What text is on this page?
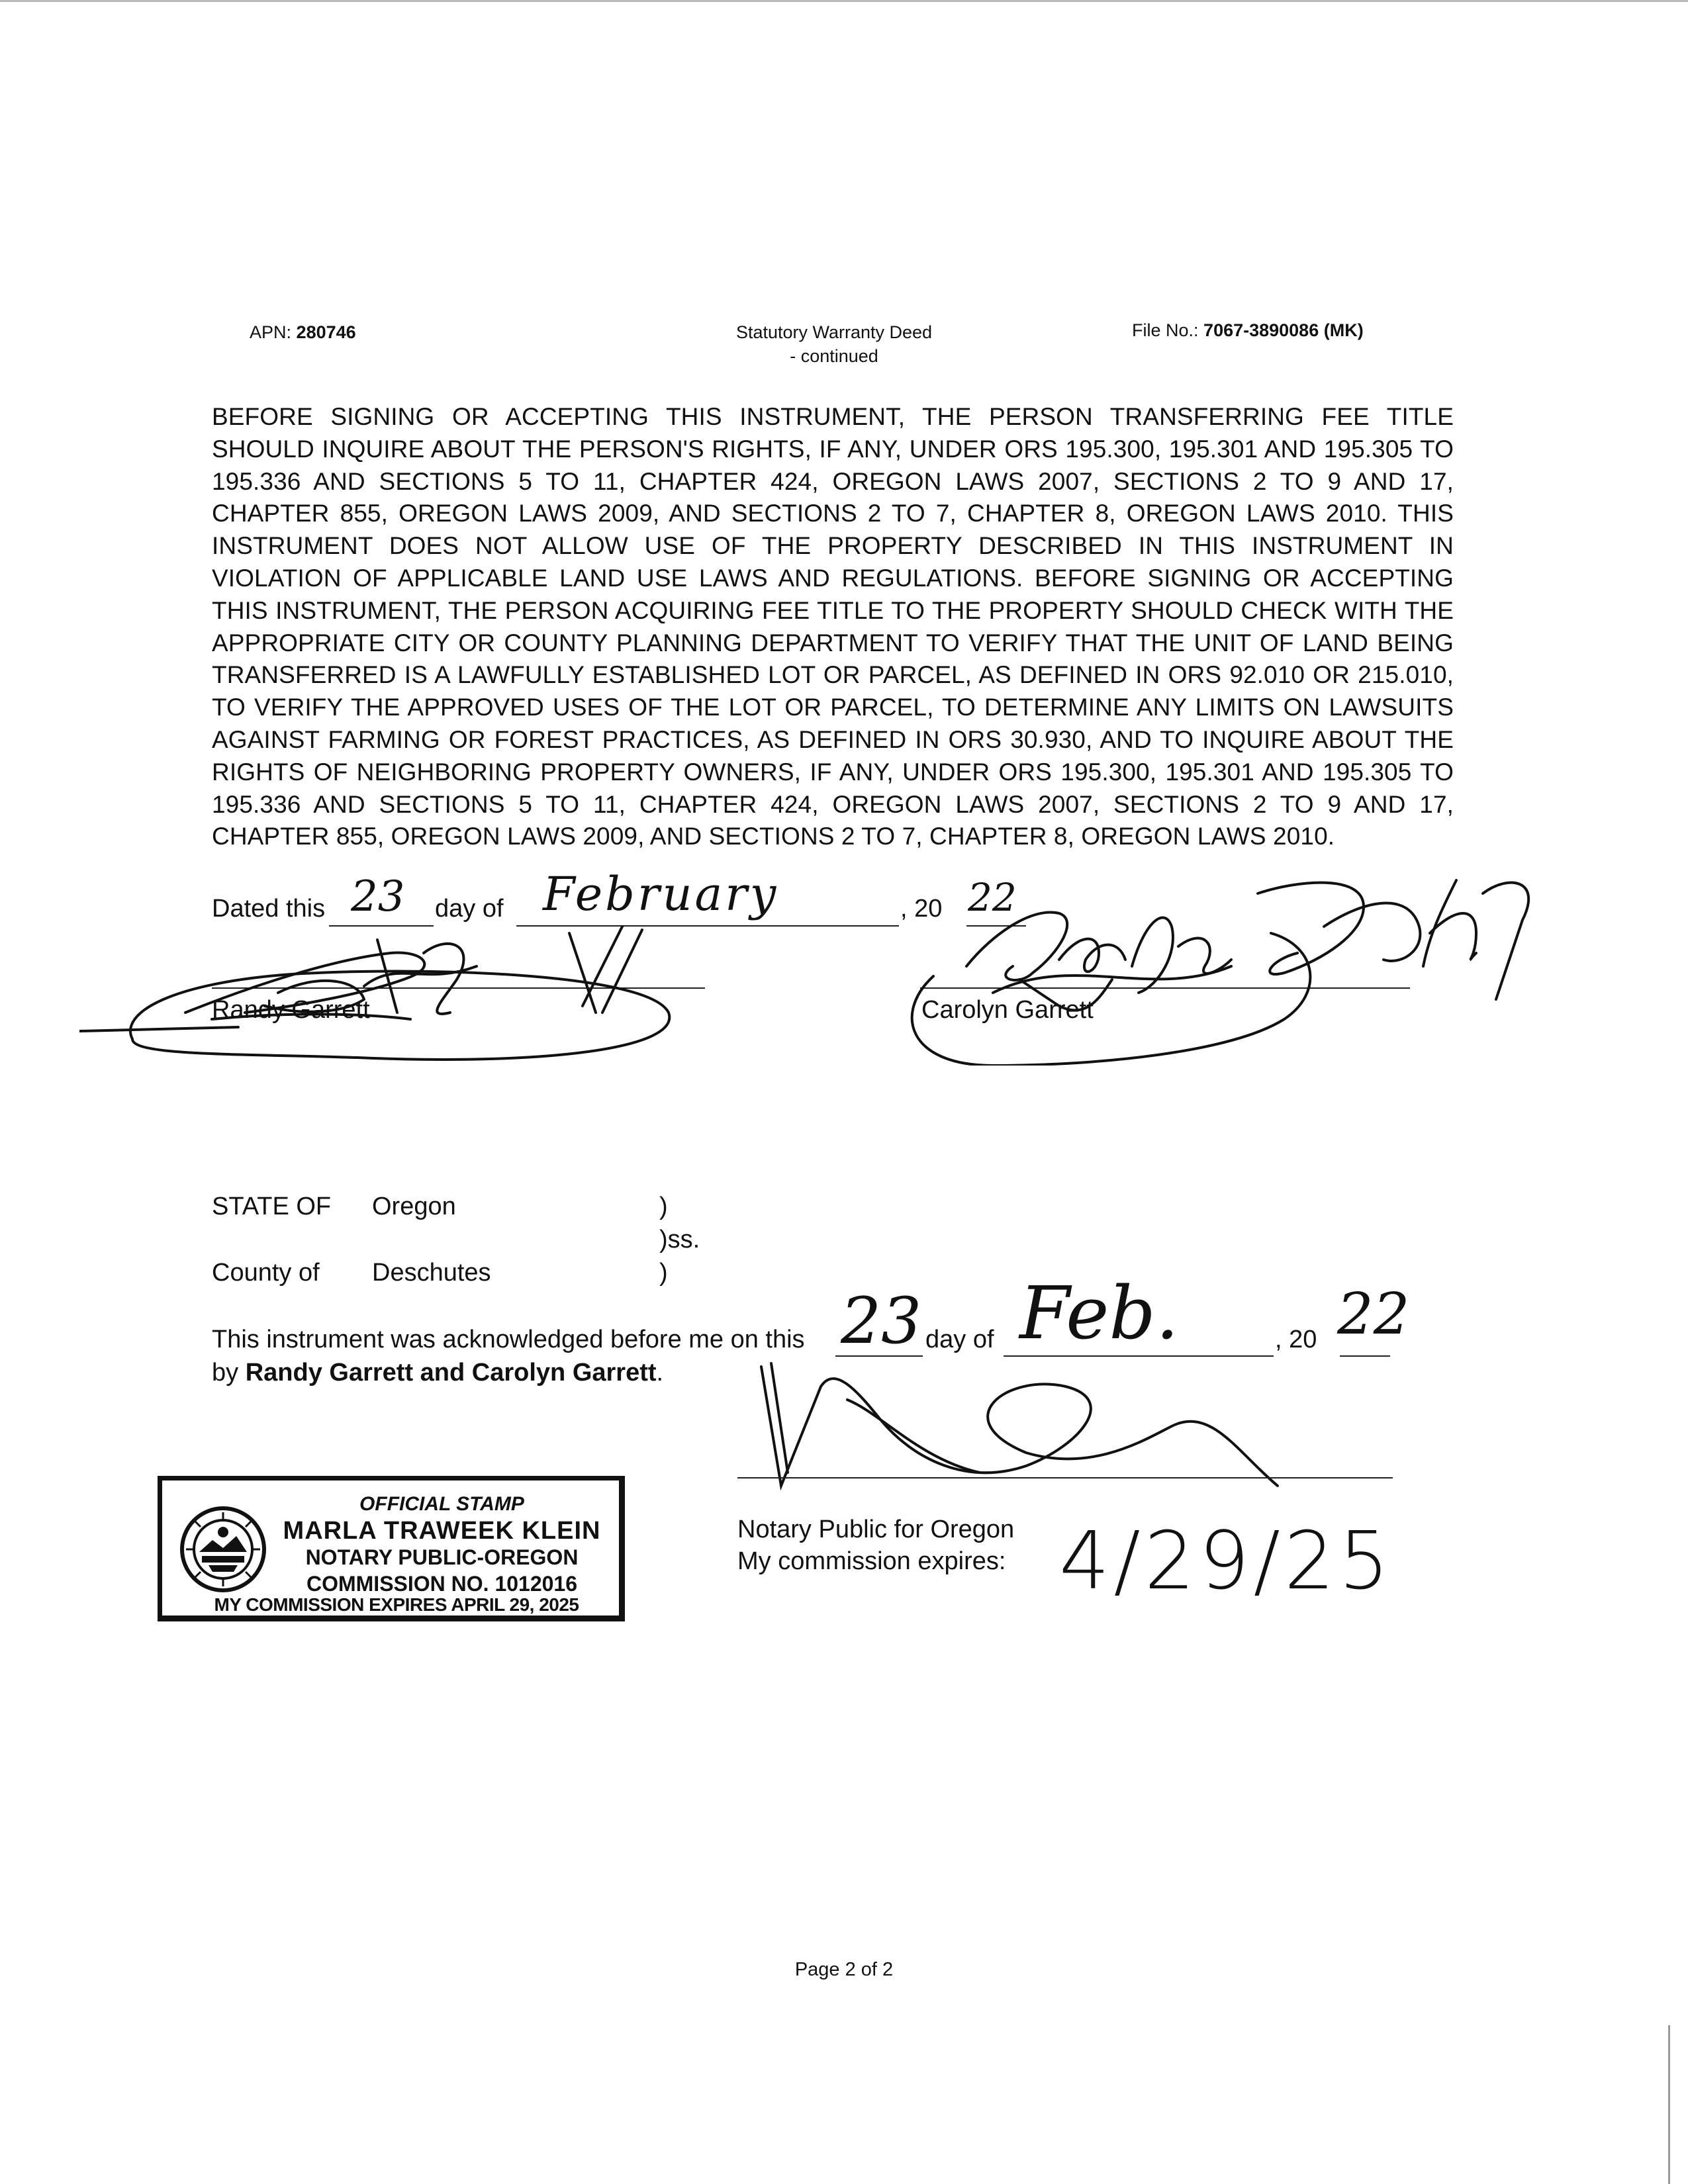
APN: 280746	Statutory Warranty Deed
- continued
File No.: 7067-3890086 (MK)
BEFORE SIGNING OR ACCEPTING THIS INSTRUMENT, THE PERSON TRANSFERRING FEE TITLE SHOULD INQUIRE ABOUT THE PERSON'S RIGHTS, IF ANY, UNDER ORS 195.300, 195.301 AND 195.305 TO 195.336 AND SECTIONS 5 TO 11, CHAPTER 424, OREGON LAWS 2007, SECTIONS 2 TO 9 AND 17, CHAPTER 855, OREGON LAWS 2009, AND SECTIONS 2 TO 7, CHAPTER 8, OREGON LAWS 2010. THIS INSTRUMENT DOES NOT ALLOW USE OF THE PROPERTY DESCRIBED IN THIS INSTRUMENT IN VIOLATION OF APPLICABLE LAND USE LAWS AND REGULATIONS. BEFORE SIGNING OR ACCEPTING THIS INSTRUMENT, THE PERSON ACQUIRING FEE TITLE TO THE PROPERTY SHOULD CHECK WITH THE APPROPRIATE CITY OR COUNTY PLANNING DEPARTMENT TO VERIFY THAT THE UNIT OF LAND BEING TRANSFERRED IS A LAWFULLY ESTABLISHED LOT OR PARCEL, AS DEFINED IN ORS 92.010 OR 215.010, TO VERIFY THE APPROVED USES OF THE LOT OR PARCEL, TO DETERMINE ANY LIMITS ON LAWSUITS AGAINST FARMING OR FOREST PRACTICES, AS DEFINED IN ORS 30.930, AND TO INQUIRE ABOUT THE RIGHTS OF NEIGHBORING PROPERTY OWNERS, IF ANY, UNDER ORS 195.300, 195.301 AND 195.305 TO 195.336 AND SECTIONS 5 TO 11, CHAPTER 424, OREGON LAWS 2007, SECTIONS 2 TO 9 AND 17, CHAPTER 855, OREGON LAWS 2009, AND SECTIONS 2 TO 7, CHAPTER 8, OREGON LAWS 2010.
Dated this	day of	, 20
23	February	22
Randy Garrett	Carolyn Garrett
STATE OF Oregon	)
)ss.
County of Deschutes	)
This instrument was acknowledged before me on this	day of	, 20
23 Feb.	22
by Randy Garrett and Carolyn Garrett.
Notary Public for Oregon
My commission expires: 4/29/25
OFFICIAL STAMP
MARLA TRAWEEK KLEIN
NOTARY PUBLIC-OREGON
COMMISSION NO. 1012016
MY COMMISSION EXPIRES APRIL 29, 2025
Page 2 of 2
